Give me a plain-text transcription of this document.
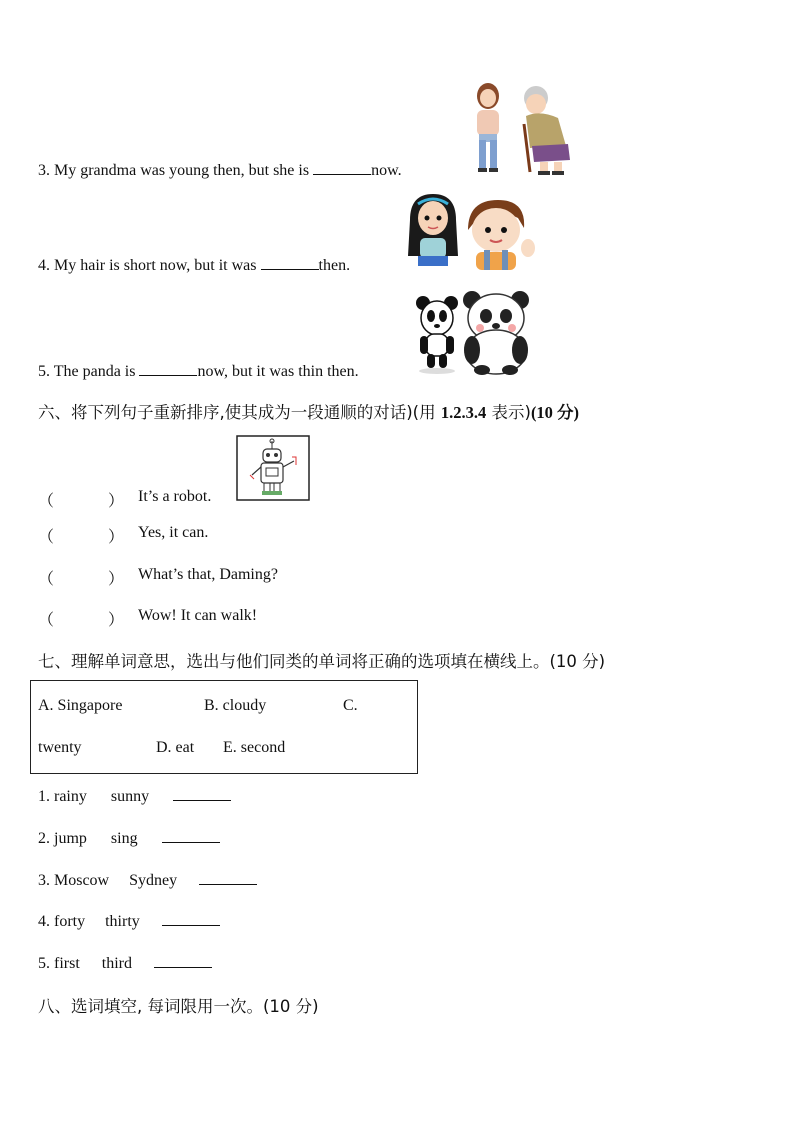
3. My grandma was young then, but she is	now.
4. My hair is short now, but it was	then.
5. The panda is	now, but it was thin then.
六、将下列句子重新排序,使其成为一段通顺的对话)(用 1.2.3.4 表示)(10 分)
（	） It’s a robot.
（	） Yes, it can.
（	） What’s that, Daming?
（	） Wow! It can walk!
七、理解单词意思，选出与他们同类的单词将正确的选项填在横线上。(10 分)
A. Singapore	B. cloudy	C.
twenty	D. eat E. second
1. rainy sunny
2. jump sing
3. Moscow Sydney
4. forty thirty
5. first third
八、选词填空, 每词限用一次。(10 分)
